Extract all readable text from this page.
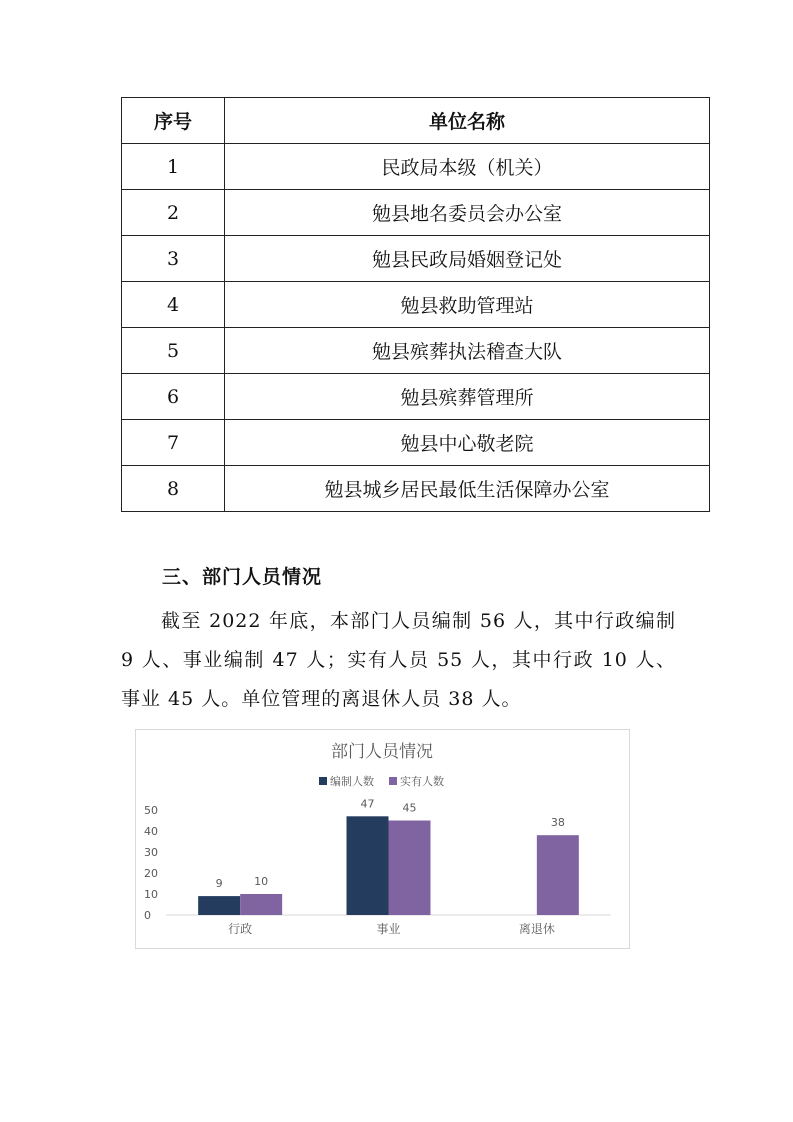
序号	单位名称
1	民政局本级（机关）
2	勉县地名委员会办公室
3	勉县民政局婚姻登记处
4	勉县救助管理站
5	勉县殡葬执法稽查大队
6	勉县殡葬管理所
7	勉县中心敬老院
8	勉县城乡居民最低生活保障办公室
三、部门人员情况
截至 2022 年底，本部门人员编制 56 人，其中行政编制 9 人、事业编制 47 人；实有人员 55 人，其中行政 10 人、事业 45 人。单位管理的离退休人员 38 人。
部门人员情况
编制人数 实有人数
0
10
20
30
40
50
9	10
行政
47	45
事业
38
离退休
